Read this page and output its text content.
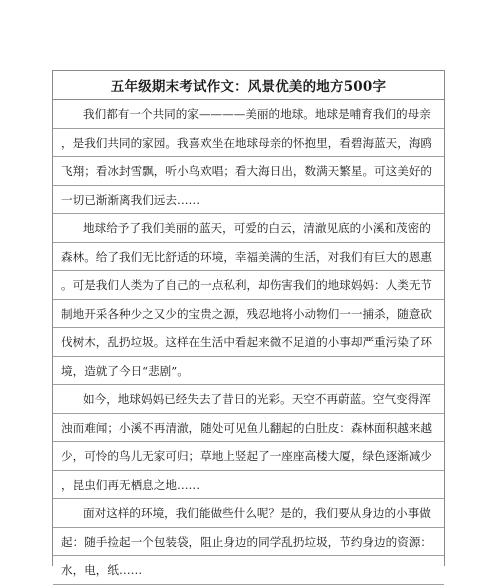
五年级期末考试作文：风景优美的地方500字
我们都有一个共同的家————美丽的地球。地球是哺育我们的母亲
，是我们共同的家园。我喜欢坐在地球母亲的怀抱里，看碧海蓝天，海鸥
飞翔；看冰封雪飘，听小鸟欢唱；看大海日出，数满天繁星。可这美好的
一切已渐渐离我们远去……
地球给予了我们美丽的蓝天，可爱的白云，清澈见底的小溪和茂密的
森林。给了我们无比舒适的环境，幸福美满的生活，对我们有巨大的恩惠
。可是我们人类为了自己的一点私利，却伤害我们的地球妈妈：人类无节
制地开采各种少之又少的宝贵之源，残忍地将小动物们一一捕杀，随意砍
伐树木，乱扔垃圾。这样在生活中看起来微不足道的小事却严重污染了环
境，造就了今日“悲剧”。
如今，地球妈妈已经失去了昔日的光彩。天空不再蔚蓝。空气变得浑
浊而难闻；小溪不再清澈，随处可见鱼儿翻起的白肚皮：森林面积越来越
少，可怜的鸟儿无家可归；草地上竖起了一座座高楼大厦，绿色逐渐减少
，昆虫们再无栖息之地……
面对这样的环境，我们能做些什么呢？是的，我们要从身边的小事做
起：随手捡起一个包装袋，阻止身边的同学乱扔垃圾，节约身边的资源：
水，电，纸……
